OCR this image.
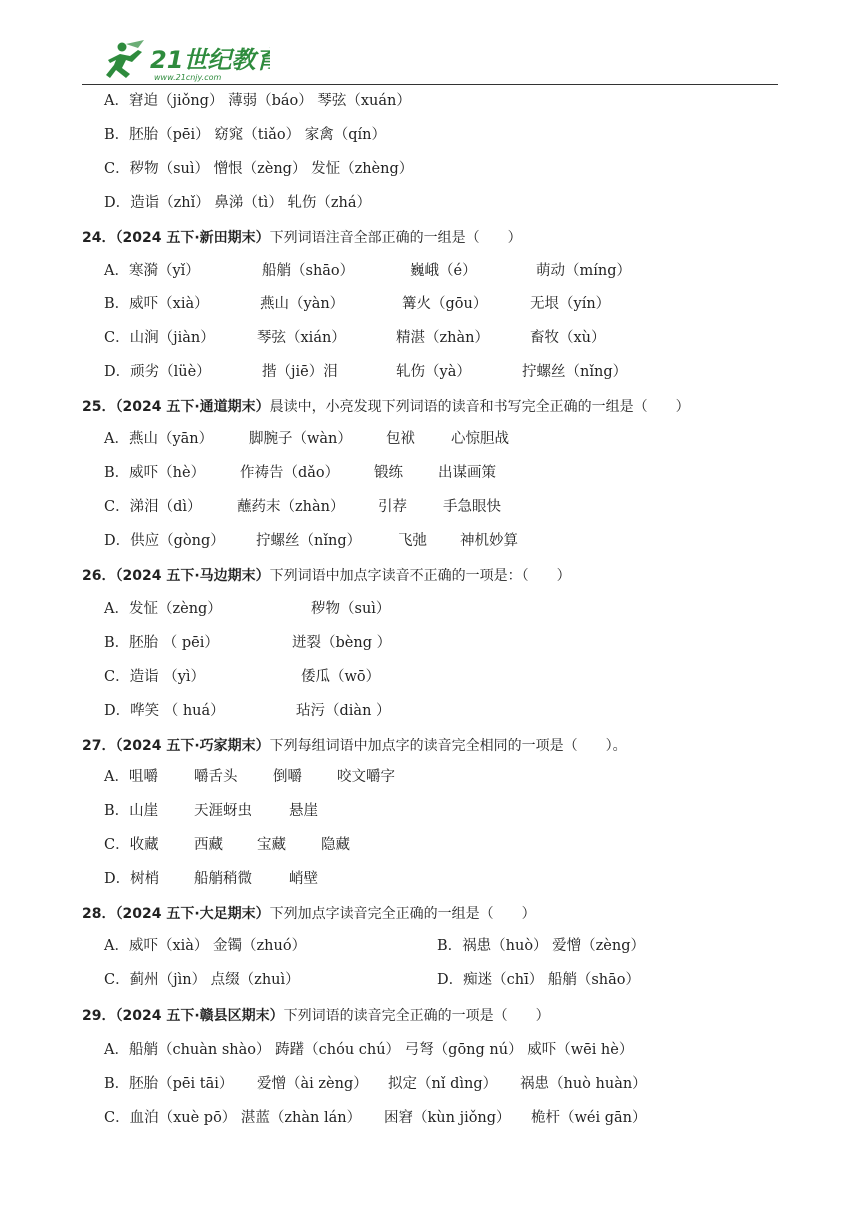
21世纪教育
www.21cnjy.com
A．窘迫（jiǒng） 薄弱（báo） 琴弦（xuán）
B．胚胎（pēi） 窈窕（tiǎo） 家禽（qín）
C．秽物（suì） 憎恨（zèng） 发怔（zhèng）
D．造诣（zhǐ） 鼻涕（tì） 轧伤（zhá）
24．（2024 五下·新田期末）下列词语注音全部正确的一组是（　　）
A．寒漪（yǐ）	船艄（shāo）	巍峨（é）	萌动（míng）
B．威吓（xià）	燕山（yàn）	篝火（gōu）	无垠（yín）
C．山涧（jiàn）	琴弦（xián）	精湛（zhàn）	畜牧（xù）
D．顽劣（lüè）	揩（jiē）泪	轧伤（yà）	拧螺丝（nǐng）
25．（2024 五下·通道期末）晨读中，小亮发现下列词语的读音和书写完全正确的一组是（　　）
A．燕山（yān） 脚腕子（wàn） 包袱 心惊胆战
B．威吓（hè） 作祷告（dǎo） 锻练 出谋画策
C．涕泪（dì） 蘸药末（zhàn） 引荐 手急眼快
D．供应（gòng） 拧螺丝（nǐng）	飞弛 神机妙算
26．（2024 五下·马边期末）下列词语中加点字读音不正确的一项是：（　　）
A．发怔（zèng）	秽物（suì）
B．胚胎 （ pēi）	迸裂（bèng ）
C．造诣 （yì）	倭瓜（wō）
D．哗笑 （ huá）	玷污（diàn ）
27．（2024 五下·巧家期末）下列每组词语中加点字的读音完全相同的一项是（　　）。
A．咀嚼 嚼舌头 倒嚼 咬文嚼字
B．山崖 天涯蚜虫	悬崖
C．收藏 西藏 宝藏 隐藏
D．树梢 船艄稍微	峭壁
28．（2024 五下·大足期末）下列加点字读音完全正确的一组是（　　）
A．威吓（xià） 金镯（zhuó）	B．祸患（huò） 爱憎（zèng）
C．蓟州（jìn） 点缀（zhuì）	D．痴迷（chī） 船艄（shāo）
29．（2024 五下·赣县区期末）下列词语的读音完全正确的一项是（　　）
A．船艄（chuàn shào） 踌躇（chóu chú） 弓弩（gōng nú） 威吓（wēi hè）
B．胚胎（pēi tāi） 爱憎（ài zèng） 拟定（nǐ dìng） 祸患（huò huàn）
C．血泊（xuè pō） 湛蓝（zhàn lán） 困窘（kùn jiǒng） 桅杆（wéi gān）
